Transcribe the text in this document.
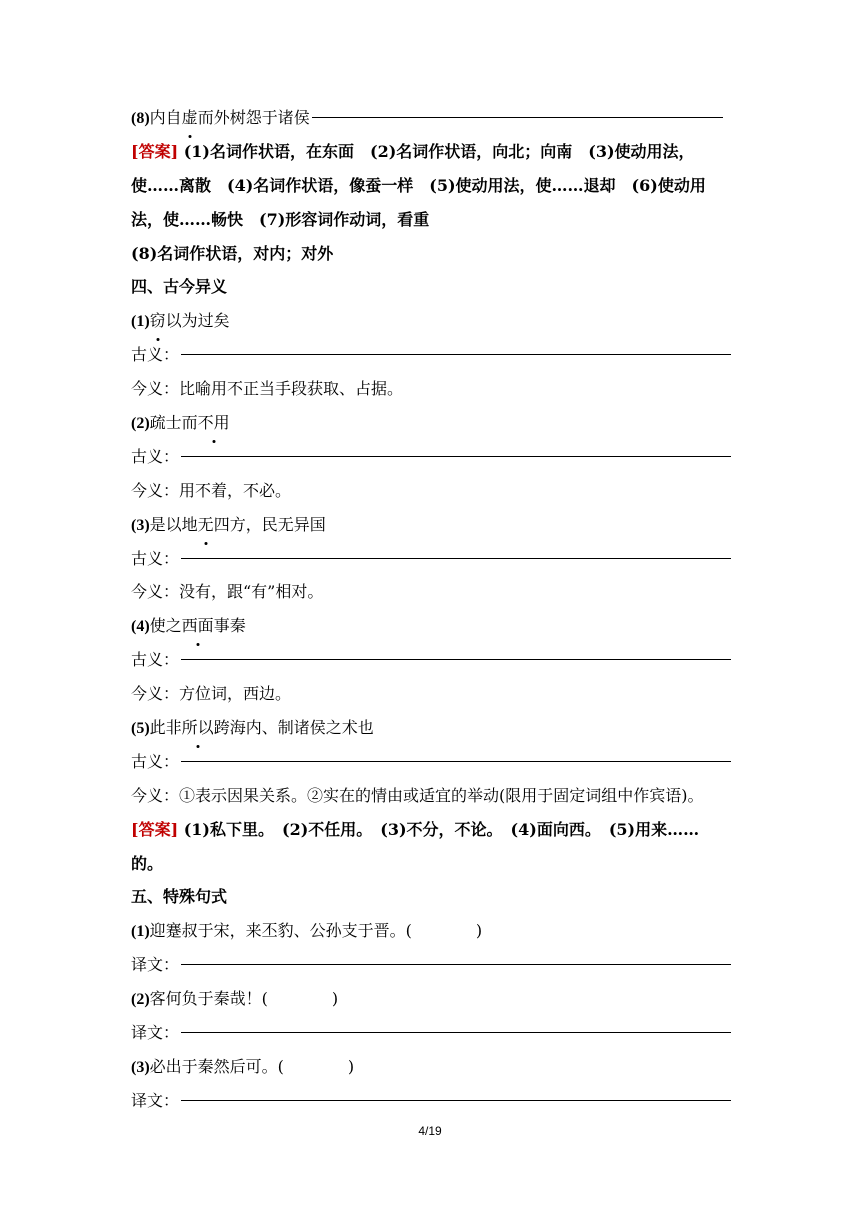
(8) 内自 虚 而外树怨于诸侯
[答案] (1)名词作状语，在东面　(2)名词作状语，向北；向南　(3)使动用法，
使……离散　(4)名词作状语，像蚕一样　(5)使动用法，使……退却　(6)使动用
法，使……畅快　(7)形容词作动词，看重
(8)名词作状语，对内；对外
四、古今异义
(1)窃以为过矣
古义：
今义：比喻用不正当手段获取、占据。
(2)疏士而不用
古义：
今义：用不着，不必。
(3)是以地无四方，民无异国
古义：
今义：没有，跟“有”相对。
(4)使之西面事秦
古义：
今义：方位词，西边。
(5)此非所以跨海内、制诸侯之术也
古义：
今义：①表示因果关系。②实在的情由或适宜的举动(限用于固定词组中作宾语)。
[答案] (1)私下里。　(2)不任用。　(3)不分，不论。　(4)面向西。　(5)用来……
的。
五、特殊句式
(1)迎蹇叔于宋，来丕豹、公孙支于晋。(	)
译文：
(2)客何负于秦哉！(	)
译文：
(3)必出于秦然后可。(	)
译文：
4/19
